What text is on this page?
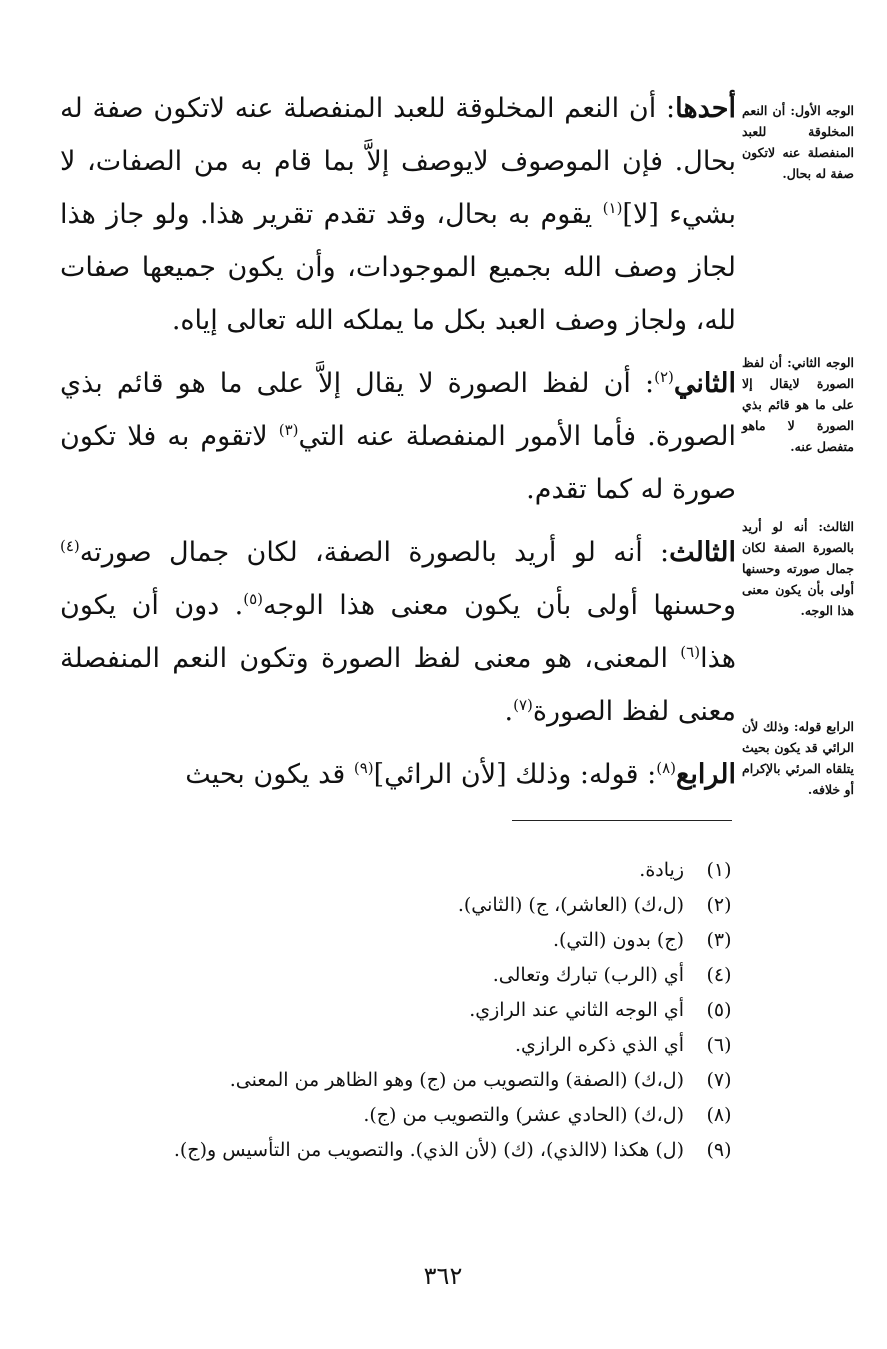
أحدها: أن النعم المخلوقة للعبد المنفصلة عنه لاتكون صفة له بحال. فإن الموصوف لايوصف إلاَّ بما قام به من الصفات، لا بشيء [لا]$^{(١)}$ يقوم به بحال، وقد تقدم تقرير هذا. ولو جاز هذا لجاز وصف الله بجميع الموجودات، وأن يكون جميعها صفات لله، ولجاز وصف العبد بكل ما يملكه الله تعالى إياه.

الثاني$^{(٢)}$: أن لفظ الصورة لا يقال إلاَّ على ما هو قائم بذي الصورة. فأما الأمور المنفصلة عنه التي$^{(٣)}$ لاتقوم به فلا تكون صورة له كما تقدم.

الثالث: أنه لو أريد بالصورة الصفة، لكان جمال صورته$^{(٤)}$ وحسنها أولى بأن يكون معنى هذا الوجه$^{(٥)}$. دون أن يكون هذا$^{(٦)}$ المعنى، هو معنى لفظ الصورة وتكون النعم المنفصلة معنى لفظ الصورة$^{(٧)}$.

الرابع$^{(٨)}$: قوله: وذلك [لأن الرائي]$^{(٩)}$ قد يكون بحيث

الوجه الأول: أن النعم المخلوقة للعبد المنفصلة عنه لاتكون صفة له بحال.
الوجه الثاني: أن لفظ الصورة لايقال إلا على ما هو قائم بذي الصورة لا ماهو متفصل عنه.
الثالث: أنه لو أريد بالصورة الصفة لكان جمال صورته وحسنها أولى بأن يكون معنى هذا الوجه.
الرابع قوله: وذلك لأن الرائي قد يكون بحيث يتلقاه المرئي بالإكرام أو خلافه.
(١)زيادة.
(٢)(ل،ك) (العاشر)، ج) (الثاني).
(٣)(ج) بدون (التي).
(٤)أي (الرب) تبارك وتعالى.
(٥)أي الوجه الثاني عند الرازي.
(٦)أي الذي ذكره الرازي.
(٧)(ل،ك) (الصفة) والتصويب من (ج) وهو الظاهر من المعنى.
(٨)(ل،ك) (الحادي عشر) والتصويب من (ج).
(٩)(ل) هكذا (لاالذي)، (ك) (لأن الذي). والتصويب من التأسيس و(ج).
٣٦٢
